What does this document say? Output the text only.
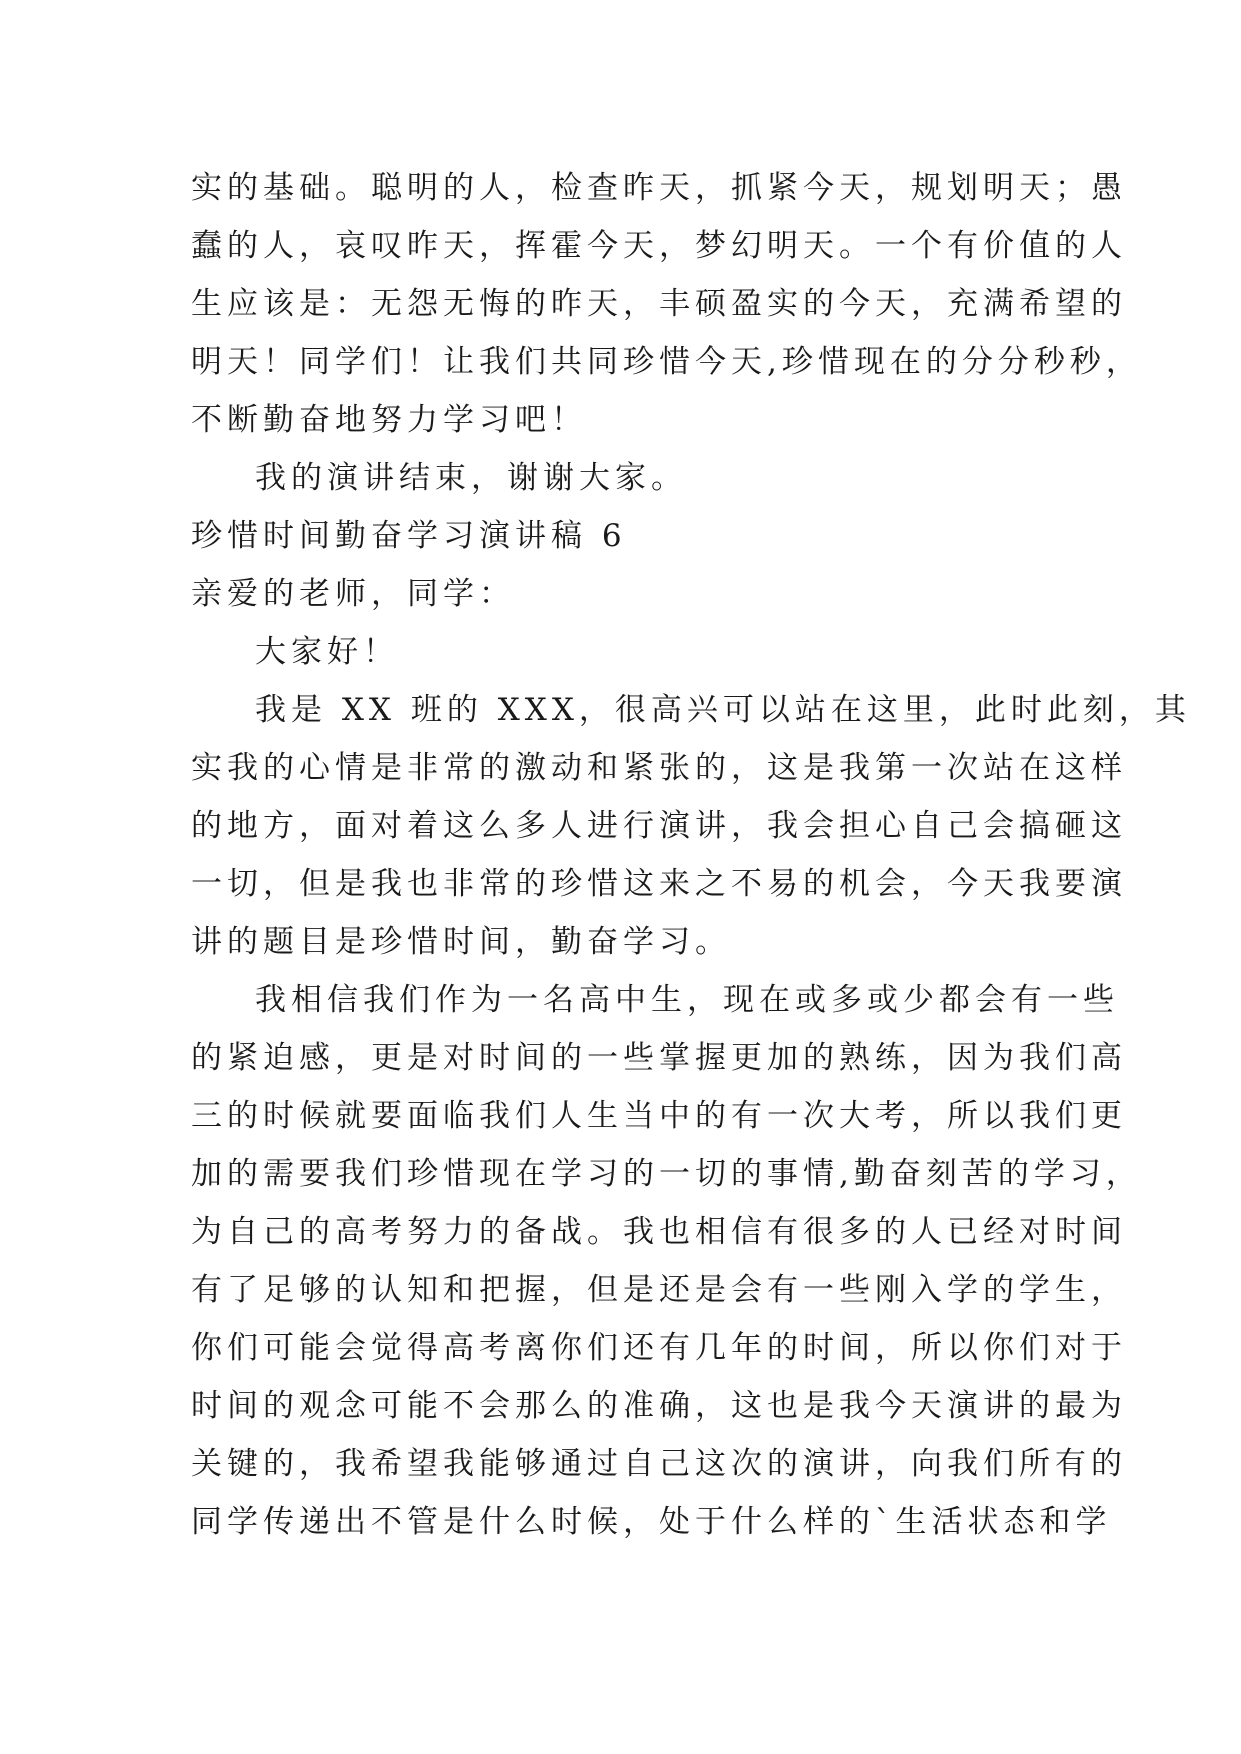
实的基础。聪明的人，检查昨天，抓紧今天，规划明天；愚
蠢的人，哀叹昨天，挥霍今天，梦幻明天。一个有价值的人
生应该是：无怨无悔的昨天，丰硕盈实的今天，充满希望的
明天！同学们！让我们共同珍惜今天,珍惜现在的分分秒秒，
不断勤奋地努力学习吧！
我的演讲结束，谢谢大家。
珍惜时间勤奋学习演讲稿 6
亲爱的老师，同学：
大家好！
我是 XX 班的 XXX，很高兴可以站在这里，此时此刻，其
实我的心情是非常的激动和紧张的，这是我第一次站在这样
的地方，面对着这么多人进行演讲，我会担心自己会搞砸这
一切，但是我也非常的珍惜这来之不易的机会，今天我要演
讲的题目是珍惜时间，勤奋学习。
我相信我们作为一名高中生，现在或多或少都会有一些
的紧迫感，更是对时间的一些掌握更加的熟练，因为我们高
三的时候就要面临我们人生当中的有一次大考，所以我们更
加的需要我们珍惜现在学习的一切的事情,勤奋刻苦的学习，
为自己的高考努力的备战。我也相信有很多的人已经对时间
有了足够的认知和把握，但是还是会有一些刚入学的学生，
你们可能会觉得高考离你们还有几年的时间，所以你们对于
时间的观念可能不会那么的准确，这也是我今天演讲的最为
关键的，我希望我能够通过自己这次的演讲，向我们所有的
同学传递出不管是什么时候，处于什么样的`生活状态和学
